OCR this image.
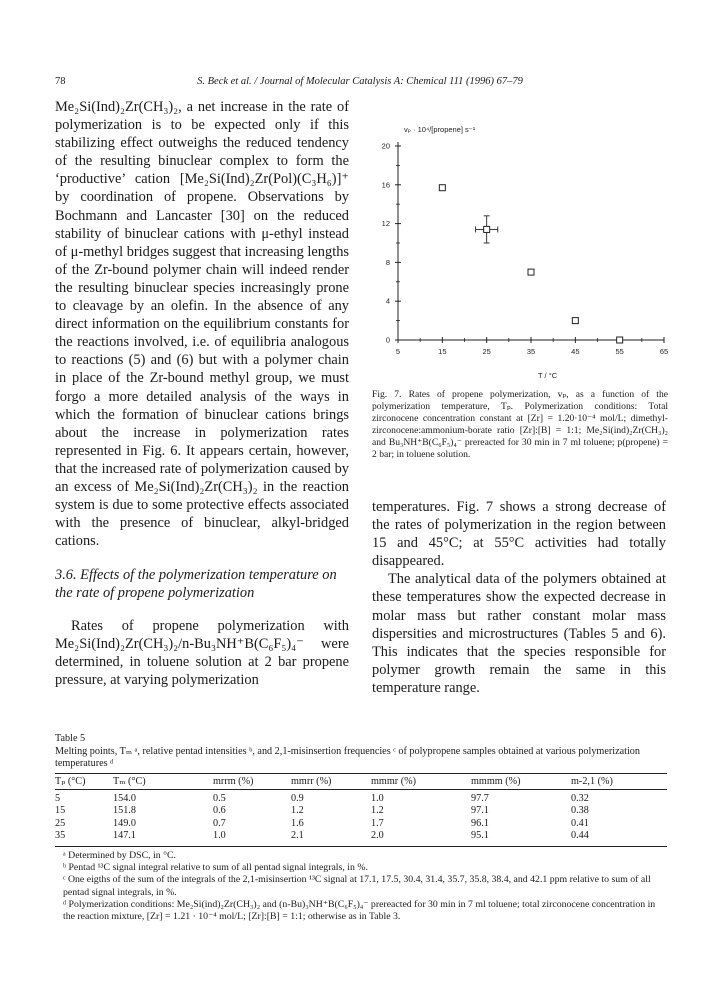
78	S. Beck et al. / Journal of Molecular Catalysis A: Chemical 111 (1996) 67–79

Me₂Si(Ind)₂Zr(CH₃)₂, a net increase in the rate of polymerization is to be expected only if this stabilizing effect outweighs the reduced tendency of the resulting binuclear complex to form the ‘productive’ cation [Me₂Si(Ind)₂Zr(Pol)(C₃H₆)]⁺ by coordination of propene. Observations by Bochmann and Lancaster [30] on the reduced stability of binuclear cations with μ-ethyl instead of μ-methyl bridges suggest that increasing lengths of the Zr-bound polymer chain will indeed render the resulting binuclear species increasingly prone to cleavage by an olefin. In the absence of any direct information on the equilibrium constants for the reactions involved, i.e. of equilibria analogous to reactions (5) and (6) but with a polymer chain in place of the Zr-bound methyl group, we must forgo a more detailed analysis of the ways in which the formation of binuclear cations brings about the increase in polymerization rates represented in Fig. 6. It appears certain, however, that the increased rate of polymerization caused by an excess of Me₂Si(Ind)₂Zr(CH₃)₂ in the reaction system is due to some protective effects associated with the presence of binuclear, alkyl-bridged cations.

3.6. Effects of the polymerization temperature on the rate of propene polymerization

Rates of propene polymerization with Me₂Si(Ind)₂Zr(CH₃)₂/n-Bu₃NH⁺B(C₆F₅)₄⁻ were determined, in toluene solution at 2 bar propene pressure, at varying polymerization

vₚ · 10⁴/[propene] s⁻¹
T / °C
0
4
8
12
16
20
5	15	25	35	45	55	65
Fig. 7. Rates of propene polymerization, vₚ, as a function of the polymerization temperature, Tₚ. Polymerization conditions: Total zirconocene concentration constant at [Zr] = 1.20·10⁻⁴ mol/L; dimethyl-zirconocene:ammonium-borate ratio [Zr]:[B] = 1:1; Me₂Si(ind)₂Zr(CH₃)₂ and Bu₃NH⁺B(C₆F₅)₄⁻ prereacted for 30 min in 7 ml toluene; p(propene) = 2 bar; in toluene solution.

temperatures. Fig. 7 shows a strong decrease of the rates of polymerization in the region between 15 and 45°C; at 55°C activities had totally disappeared.

The analytical data of the polymers obtained at these temperatures show the expected decrease in molar mass but rather constant molar mass dispersities and microstructures (Tables 5 and 6). This indicates that the species responsible for polymer growth remain the same in this temperature range.

Table 5
Melting points, Tₘ ᵃ, relative pentad intensities ᵇ, and 2,1-misinsertion frequencies ᶜ of polypropene samples obtained at various polymerization temperatures ᵈ
Tₚ (°C)	Tₘ (°C)	mrrm (%)	mmrr (%)	mmmr (%)	mmmm (%)	m-2,1 (%)
5	154.0	0.5	0.9	1.0	97.7	0.32
15	151.8	0.6	1.2	1.2	97.1	0.38
25	149.0	0.7	1.6	1.7	96.1	0.41
35	147.1	1.0	2.1	2.0	95.1	0.44

ᵃ Determined by DSC, in °C.

ᵇ Pentad ¹³C signal integral relative to sum of all pentad signal integrals, in %.

ᶜ One eigths of the sum of the integrals of the 2,1-misinsertion ¹³C signal at 17.1, 17.5, 30.4, 31.4, 35.7, 35.8, 38.4, and 42.1 ppm relative to sum of all pentad signal integrals, in %.

ᵈ Polymerization conditions: Me₂Si(ind)₂Zr(CH₃)₂ and (n-Bu)₃NH⁺B(C₆F₅)₄⁻ prereacted for 30 min in 7 ml toluene; total zirconocene concentration in the reaction mixture, [Zr] = 1.21 · 10⁻⁴ mol/L; [Zr]:[B] = 1:1; otherwise as in Table 3.
